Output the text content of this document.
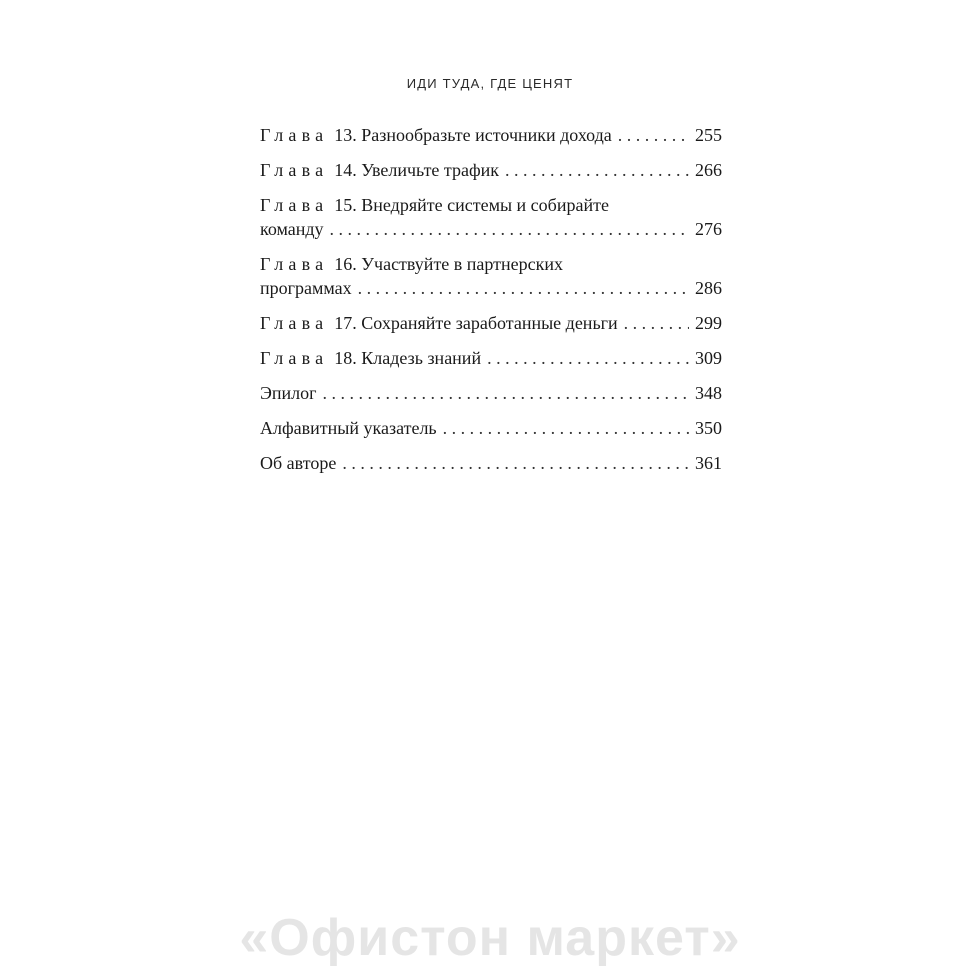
ИДИ ТУДА, ГДЕ ЦЕНЯТ
Глава 13. Разнообразьте источники дохода . . .	255
Глава 14. Увеличьте трафик . . .	266
Глава 15. Внедряйте системы и собирайте
команду . . .	276
Глава 16. Участвуйте в партнерских
программах . . .	286
Глава 17. Сохраняйте заработанные деньги . . .	299
Глава 18. Кладезь знаний . . .	309
Эпилог . . .	348
Алфавитный указатель . . .	350
Об авторе . . .	361
«Офистон маркет»
